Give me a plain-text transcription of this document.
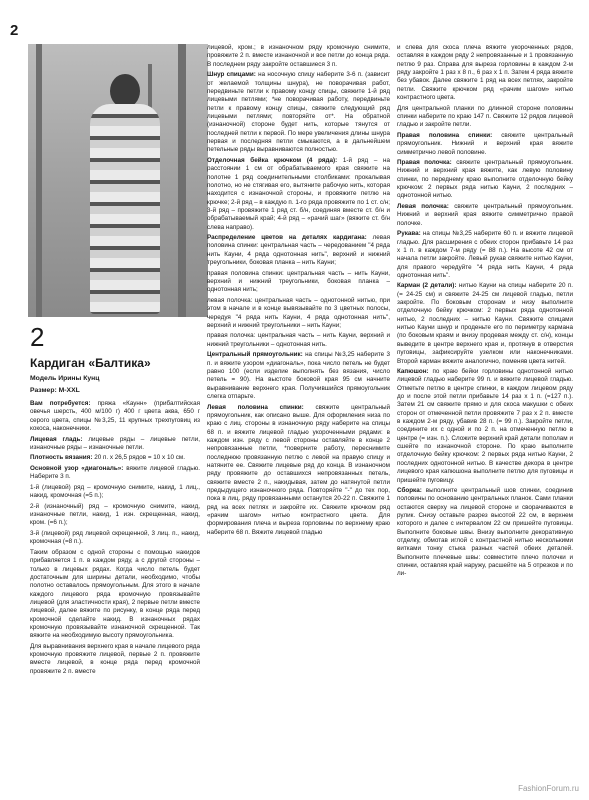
2
2
Кардиган «Балтика»
Модель Ирины Кунц
Размер: M-XXL

Вам потребуется: пряжа «Каунн» (прибалтийская овечья шерсть, 400 м/100 г) 400 г цвета аква, 650 г серого цвета, спицы №3,25, 11 крупных трехпуговиц из кокоса, наконечники.

Лицевая гладь: лицевые ряды – лицевые петли, изнаночные ряды – изнаночные петли.

Плотность вязания: 20 п. х 26,5 рядов = 10 х 10 см.

Основной узор «диагональ»: вяжите лицевой гладью. Наберите 3 п.

1-й (лицевой) ряд – кромочную снимите, накид, 1 лиц., накид, кромочная (=5 п.);

2-й (изнаночный) ряд – кромочную снимите, накид, изнаночные петли, накид, 1 изн. скрещенная, накид, кром. (=6 п.);

3-й (лицевой) ряд лицевой скрещенной, 3 лиц. п., накид, кромочная (=8 п.).

Таким образом с одной стороны с помощью накидов прибавляется 1 п. в каждом ряду, а с другой стороны – только в лицевых рядах. Когда число петель будет достаточным для ширины детали, необходимо, чтобы полотно оставалось прямоугольным. Для этого в начале каждого лицевого ряда кромочную провязывайте лицевой (для эластичности края), 2 первые петли вместе лицевой, далее вяжите по рисунку, в конце ряда перед кромочной сделайте накид. В изнаночных рядах кромочную провязывайте изнаночной скрещенной. Так вяжите на необходимую высоту прямоугольника.

Для выравнивания верхнего края в начале лицевого ряда кромочную провяжите лицевой, первые 2 п. провяжите вместе лицевой, в конце ряда перед кромочной провяжите 2 п. вместе

лицевой, кром.; в изнаночном ряду кромочную снимите, провяжите 2 п. вместе изнаночной и все петли до конца ряда. В последнем ряду закройте оставшиеся 3 п.

Шнур спицами: на носочную спицу наберите 3-6 п. (зависит от желаемой толщины шнура), не поворачивая работ, передвиньте петли к правому концу спицы, свяжите 1-й ряд лицевыми петлями; *не поворачивая работу, передвиньте петли к правому концу спицы, свяжите следующий ряд лицевыми петлями; повторяйте от*. На обратной (изнаночной) стороне будет нить, которые тянутся от последней петли к первой. По мере увеличения длины шнура первая и последняя петли смыкаются, а в дальнейшем петельные ряды выравниваются полностью.

Отделочная бейка крючком (4 ряда): 1-й ряд – на расстоянии 1 см от обрабатываемого края свяжите на полотне 1 ряд соединительными столбиками: прокалывая полотно, но не стягивая его, вытяните рабочую нить, которая находится с изнаночной стороны, и провяжите петлю на крючке; 2-й ряд – в каждую п. 1-го ряда провяжите по 1 ст. с/н; 3-й ряд – провяжите 1 ряд ст. б/н, соединяя вместе ст. б/н и обрабатываемый край; 4-й ряд – «рачий шаг» (вяжите ст. б/н слева направо).

Распределение цветов на деталях кардигана: левая половина спинки: центральная часть – чередованием "4 ряда нить Кауни, 4 ряда однотонная нить", верхний и нижний треугольники, боковая планка – нить Кауни;

правая половина спинки: центральная часть – нить Кауни, верхний и нижний треугольники, боковая планка – однотонная нить;

левая полочка: центральная часть – однотонной нитью, при этом в начале и в конце вывязывайте по 3 цветных полосы, чередуя "4 ряда нить Кауни, 4 ряда однотонная нить", верхний и нижний треугольники – нить Кауни;

правая полочка: центральная часть – нить Кауни, верхний и нижний треугольники – однотонная нить.

Центральный прямоугольник: на спицы №3,25 наберите 3 п. и вяжите узором «диагональ», пока число петель не будет равно 100 (если изделие выполнять без вязания, число петель = 90). На выстоте боковой края 95 см начните выравнивание верхнего края. Получившийся прямоугольник слегка отпарьте.

Левая половина спинки: свяжите центральный прямоугольник, как описано выше. Для оформления низа по краю с лиц. стороны в изнаночную ряду наберите на спицы 68 п. и вяжите лицевой гладью укороченными рядами: в каждом изн. ряду с левой стороны оставляйте в конце 2 непровязанные петли, *поверните работу, переснимите последнюю провязанную петлю с левой на правую спицу и натяните ее. Свяжите лицевые ряд до конца. В изнаночном ряду провяжите до оставшихся непровязанных петель, свяжите вместе 2 п., накидывая, затем до натянутой петли предыдущего изнаночного ряда. Повторяйте "-" до тех пор, пока в лиц. ряду провязанными останутся 20-22 п. Свяжите 1 ряд на всех петлях и закройте их. Свяжите крючком ряд «рачим шагом» нитью контрастного цвета. Для формирования плеча и выреза горловины по верхнему краю наберите 68 п. Вяжите лицевой гладью

и слева для скоса плеча вяжите укороченных рядов, оставляя в каждом ряду 2 непровязанные и 1 провязанную петлю 9 раз. Справа для выреза горловины в каждом 2-м ряду закройте 1 раз х 8 п., 6 раз х 1 п. Затем 4 ряда вяжите без убавок. Далее свяжите 1 ряд на всех петлях, закройте петли. Свяжите крючком ряд «рачим шагом» нитью контрастного цвета.

Для центральной планки по длинной стороне половины спинки наберите по краю 147 п. Свяжите 12 рядов лицевой гладью и закройте петли.

Правая половина спинки: свяжите центральный прямоугольник. Нижний и верхний края вяжите симметрично левой половине.

Правая полочка: свяжите центральный прямоугольник. Нижний и верхний края вяжите, как левую половину спинки, по переднему краю выполните отделочную бейку крючком: 2 первых ряда нитью Кауни, 2 последних – однотонной нитью.

Левая полочка: свяжите центральный прямоугольник. Нижний и верхний края вяжите симметрично правой полочке.

Рукава: на спицы №3,25 наберите 60 п. и вяжите лицевой гладью. Для расширения с обеих сторон прибавьте 14 раз х 1 п. в каждом 7-м ряду (= 88 п.). На высоте 42 см от начала петли закройте. Левый рукав свяжите нитью Кауни, для правого чередуйте "4 ряда нить Кауни, 4 ряда однотонная нить".

Карман (2 детали): нитью Кауни на спицы наберите 20 п. (= 24-25 см) и свяжите 24-25 см лицевой гладью, петли закройте. По боковым сторонам и низу выполните отделочную бейку крючком: 2 первых ряда однотонной нитью, 2 последних – нитью Кауни. Свяжите спицами нитью Кауни шнур и проденьте его по периметру кармана (по боковым краям и внизу продевая между ст. с/н), концы выведите в центре верхнего края и, протянув в отверстия пуговицы, зафиксируйте узелком или наконечниками. Второй карман вяжите аналогично, поменяв цвета нитей.

Капюшон: по краю бейки горловины однотонной нитью лицевой гладью наберите 99 п. и вяжите лицевой гладью. Отметьте петлю в центре спинки, в каждом лицевом ряду до и после этой петли прибавьте 14 раз х 1 п. (=127 п.). Затем 21 см свяжите прямо и для скоса макушки с обеих сторон от отмеченной петли провяжите 7 раз х 2 п. вместе в каждом 2-м ряду, убавив 28 п. (= 99 п.). Закройте петли, соедините их с одной и по 2 п. на отмеченную петлю в центре (= изн. п.). Сложите верхний край детали пополам и сшейте по изнаночной стороне. По краю выполните отделочную бейку крючком: 2 первых ряда нитью Кауни, 2 последних однотонной нитью. В качестве декора в центре лицевого края капюшона выполните петлю для пуговицы и пришейте пуговицу.

Сборка: выполните центральный шов спинки, соединив половины по основанию центральных планок. Сами планки остаются сверху на лицевой стороне и сворачиваются в рулик. Снизу оставьте разрез высотой 22 см, в верхнем которого и далее с интервалом 22 см пришейте пуговицы. Выполните боковые швы. Внизу выполните декоративную отделку, обмотав иглой с контрастной нитью несколькими витками тонку стыка разных частей обеих деталей. Выполните плечевые швы: совместите плечо полочки и спинки, оставляя край наружу, расшейте на 5 отрезков и по ли-

FashionForum.ru
